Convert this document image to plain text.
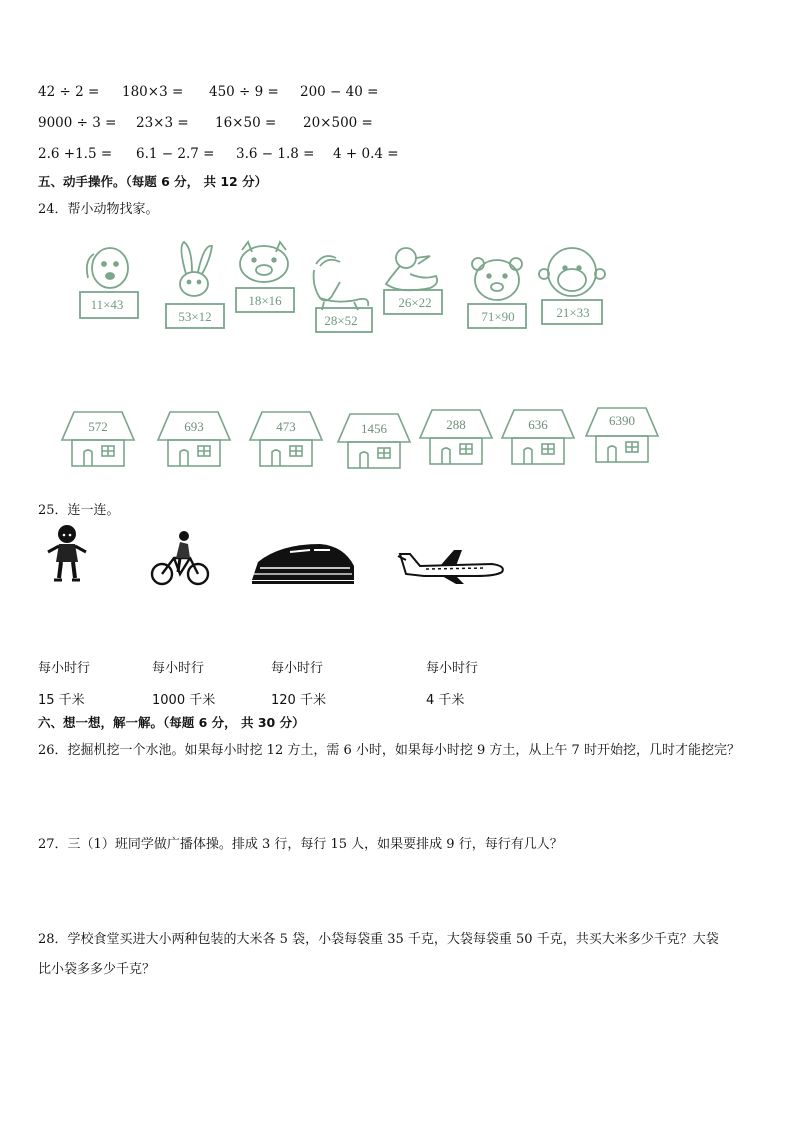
42 ÷ 2 = 180×3 = 450 ÷ 9 = 200 − 40 =
9000 ÷ 3 = 23×3 = 16×50 = 20×500 =
2.6 +1.5 = 6.1 − 2.7 = 3.6 − 1.8 = 4 + 0.4 =
五、动手操作。（每题 6 分， 共 12 分）
24．帮小动物找家。
11×43
53×12
18×16
28×52
26×22
71×90	21×33
572	693	473	1456	288	636	6390
25．连一连。
每小时行	每小时行	每小时行	每小时行
15 千米	1000 千米	120 千米	4 千米
六、想一想，解一解。（每题 6 分， 共 30 分）
26．挖掘机挖一个水池。如果每小时挖 12 方土，需 6 小时，如果每小时挖 9 方土，从上午 7 时开始挖，几时才能挖完？
27．三（1）班同学做广播体操。排成 3 行，每行 15 人，如果要排成 9 行，每行有几人？
28．学校食堂买进大小两种包装的大米各 5 袋，小袋每袋重 35 千克，大袋每袋重 50 千克，共买大米多少千克？大袋
比小袋多多少千克？
